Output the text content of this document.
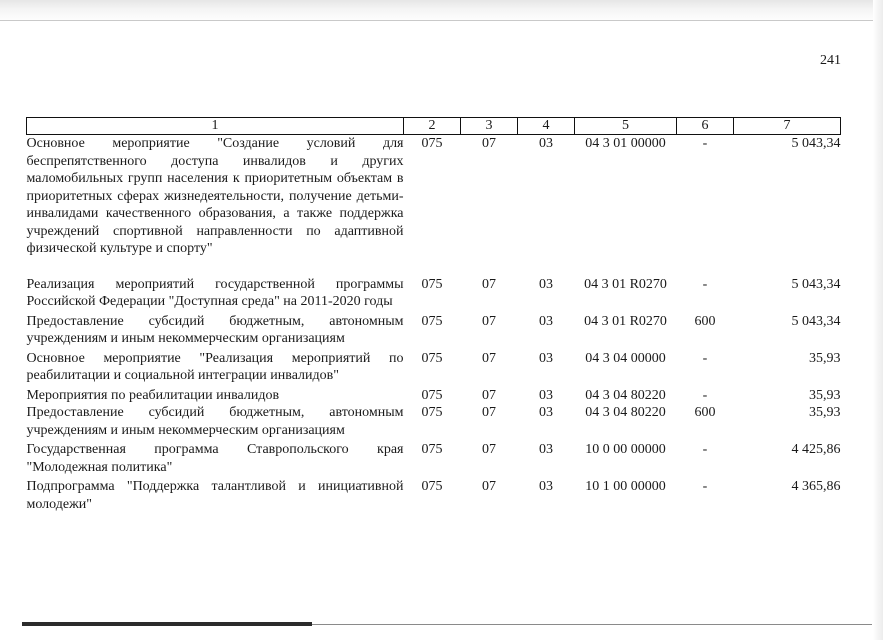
241
1	2	3	4	5	6	7
Основное мероприятие "Создание условий для беспрепятственного доступа инвалидов и других маломобильных групп населения к приоритетным объектам в приоритетных сферах жизнедеятельности, получение детьми-инвалидами качественного образования, а также поддержка учреждений спортивной направленности по адаптивной физической культуре и спорту"	075	07	03	04 3 01 00000	-	5 043,34
Реализация мероприятий государственной программы Российской Федерации "Доступная среда" на 2011-2020 годы	075	07	03	04 3 01 R0270	-	5 043,34
Предоставление субсидий бюджетным, автономным учреждениям и иным некоммерческим организациям	075	07	03	04 3 01 R0270	600	5 043,34
Основное мероприятие "Реализация мероприятий по реабилитации и социальной интеграции инвалидов"	075	07	03	04 3 04 00000	-	35,93
Мероприятия по реабилитации инвалидов	075	07	03	04 3 04 80220	-	35,93
Предоставление субсидий бюджетным, автономным учреждениям и иным некоммерческим организациям	075	07	03	04 3 04 80220	600	35,93
Государственная программа Ставропольского края "Молодежная политика"	075	07	03	10 0 00 00000	-	4 425,86
Подпрограмма "Поддержка талантливой и инициативной молодежи"	075	07	03	10 1 00 00000	-	4 365,86
